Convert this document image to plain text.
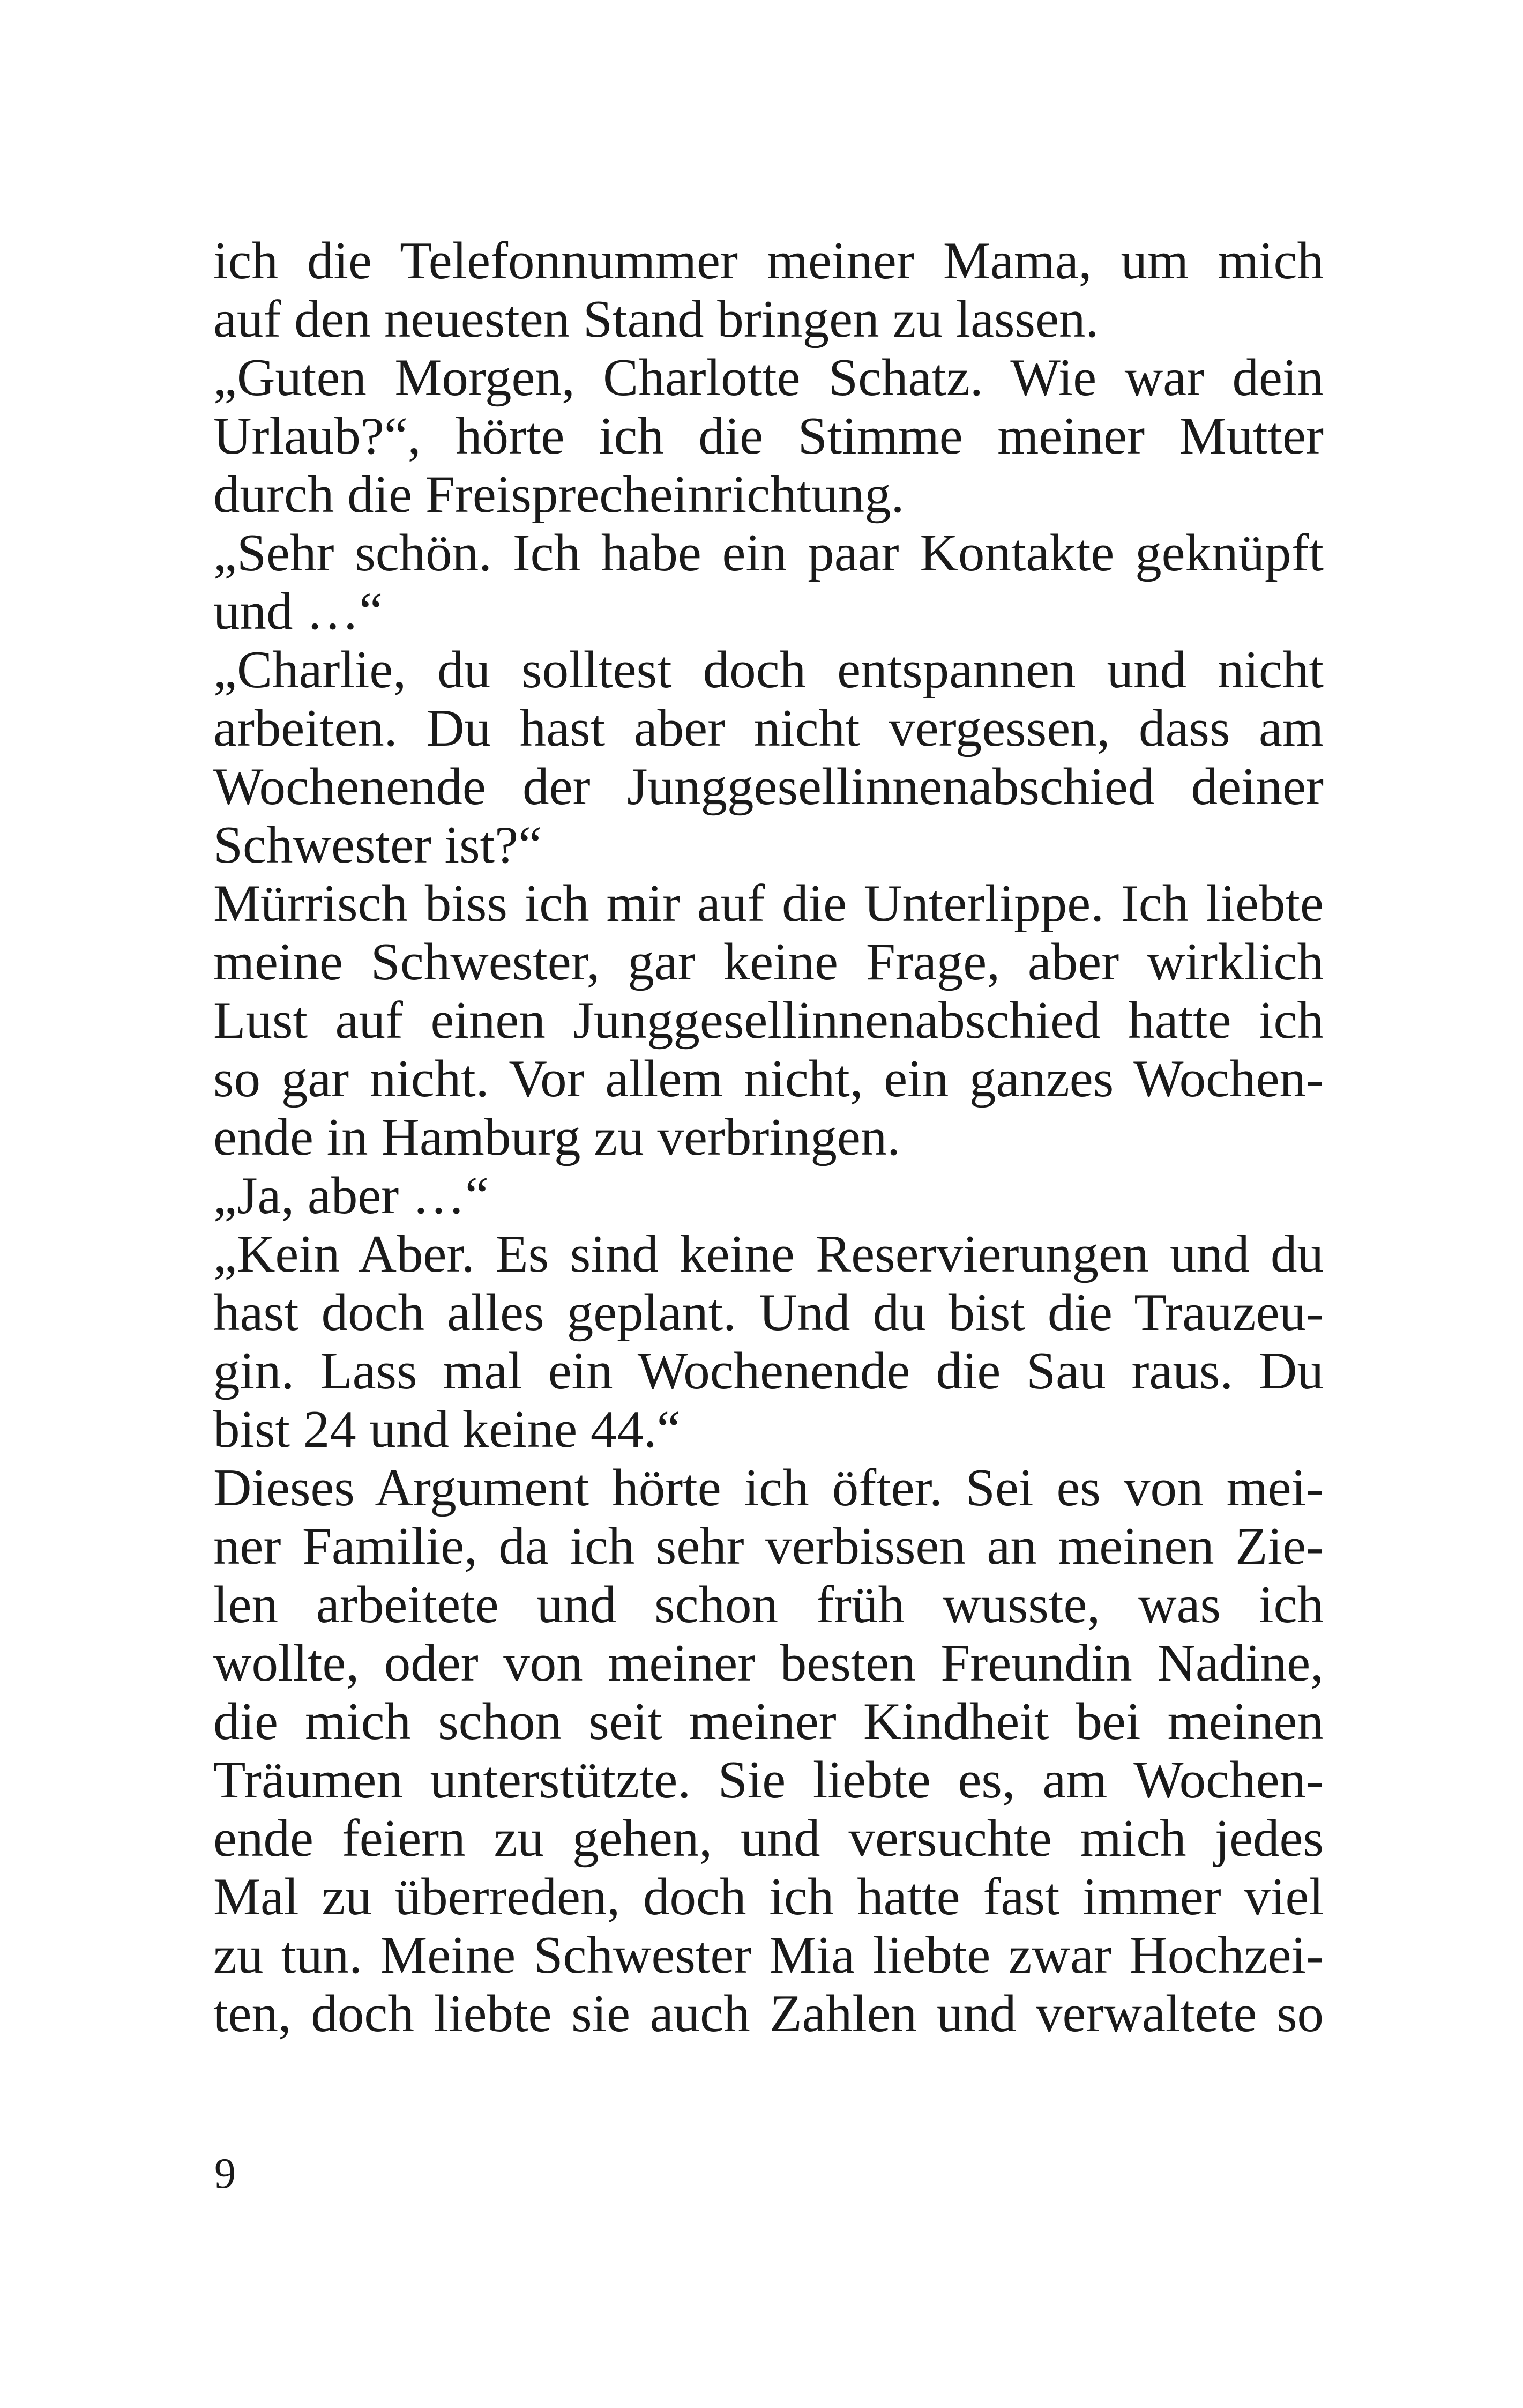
ich die Telefonnummer meiner Mama, um mich
auf den neuesten Stand bringen zu lassen.
„Guten Morgen, Charlotte Schatz. Wie war dein
Urlaub?“, hörte ich die Stimme meiner Mutter
durch die Freisprecheinrichtung.
„Sehr schön. Ich habe ein paar Kontakte geknüpft
und …“
„Charlie, du solltest doch entspannen und nicht
arbeiten. Du hast aber nicht vergessen, dass am
Wochenende der Junggesellinnenabschied deiner
Schwester ist?“
Mürrisch biss ich mir auf die Unterlippe. Ich liebte
meine Schwester, gar keine Frage, aber wirklich
Lust auf einen Junggesellinnenabschied hatte ich
so gar nicht. Vor allem nicht, ein ganzes Wochen-
ende in Hamburg zu verbringen.
„Ja, aber …“
„Kein Aber. Es sind keine Reservierungen und du
hast doch alles geplant. Und du bist die Trauzeu-
gin. Lass mal ein Wochenende die Sau raus. Du
bist 24 und keine 44.“
Dieses Argument hörte ich öfter. Sei es von mei-
ner Familie, da ich sehr verbissen an meinen Zie-
len arbeitete und schon früh wusste, was ich
wollte, oder von meiner besten Freundin Nadine,
die mich schon seit meiner Kindheit bei meinen
Träumen unterstützte. Sie liebte es, am Wochen-
ende feiern zu gehen, und versuchte mich jedes
Mal zu überreden, doch ich hatte fast immer viel
zu tun. Meine Schwester Mia liebte zwar Hochzei-
ten, doch liebte sie auch Zahlen und verwaltete so
9
